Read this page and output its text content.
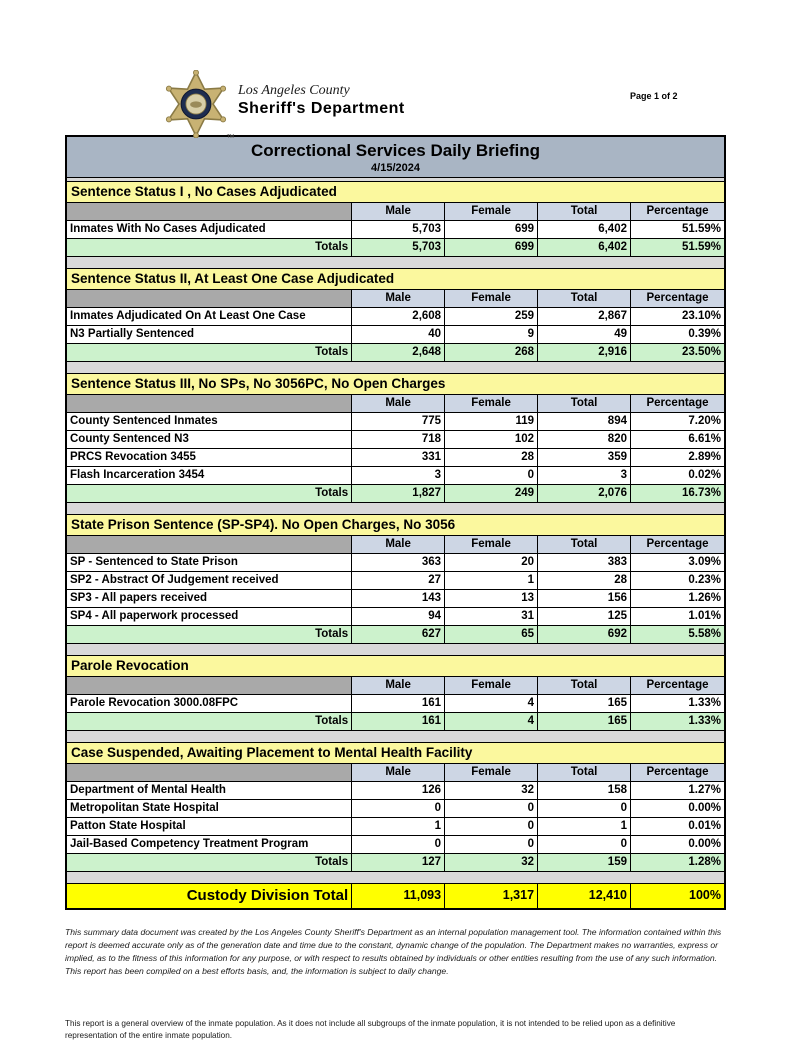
TM
Los Angeles County
Sheriff's Department
Page 1 of 2
Correctional Services Daily Briefing
4/15/2024
Sentence Status I , No Cases Adjudicated
Male	Female	Total	Percentage
Inmates With No Cases Adjudicated	5,703	699	6,402	51.59%
Totals	5,703	699	6,402	51.59%
Sentence Status II, At Least One Case Adjudicated
Male	Female	Total	Percentage
Inmates Adjudicated On At Least One Case	2,608	259	2,867	23.10%
N3 Partially Sentenced	40	9	49	0.39%
Totals	2,648	268	2,916	23.50%
Sentence Status III, No SPs, No 3056PC, No Open Charges
Male	Female	Total	Percentage
County Sentenced Inmates	775	119	894	7.20%
County Sentenced N3	718	102	820	6.61%
PRCS Revocation 3455	331	28	359	2.89%
Flash Incarceration 3454	3	0	3	0.02%
Totals	1,827	249	2,076	16.73%
State Prison Sentence (SP-SP4). No Open Charges, No 3056
Male	Female	Total	Percentage
SP - Sentenced to State Prison	363	20	383	3.09%
SP2 - Abstract Of Judgement received	27	1	28	0.23%
SP3 - All papers received	143	13	156	1.26%
SP4 - All paperwork processed	94	31	125	1.01%
Totals	627	65	692	5.58%
Parole Revocation
Male	Female	Total	Percentage
Parole Revocation 3000.08FPC	161	4	165	1.33%
Totals	161	4	165	1.33%
Case Suspended, Awaiting Placement to Mental Health Facility
Male	Female	Total	Percentage
Department of Mental Health	126	32	158	1.27%
Metropolitan State Hospital	0	0	0	0.00%
Patton State Hospital	1	0	1	0.01%
Jail-Based Competency Treatment Program	0	0	0	0.00%
Totals	127	32	159	1.28%
Custody Division Total	11,093	1,317	12,410	100%

This summary data document was created by the Los Angeles County Sheriff's Department as an internal population management tool. The information contained within this report is deemed accurate only as of the generation date and time due to the constant, dynamic change of the population. The Department makes no warranties, express or implied, as to the fitness of this information for any purpose, or with respect to results obtained by individuals or other entities resulting from the use of any such information. This report has been compiled on a best efforts basis, and, the information is subject to daily change.

This report is a general overview of the inmate population. As it does not include all subgroups of the inmate population, it is not intended to be relied upon as a definitive representation of the entire inmate population.
